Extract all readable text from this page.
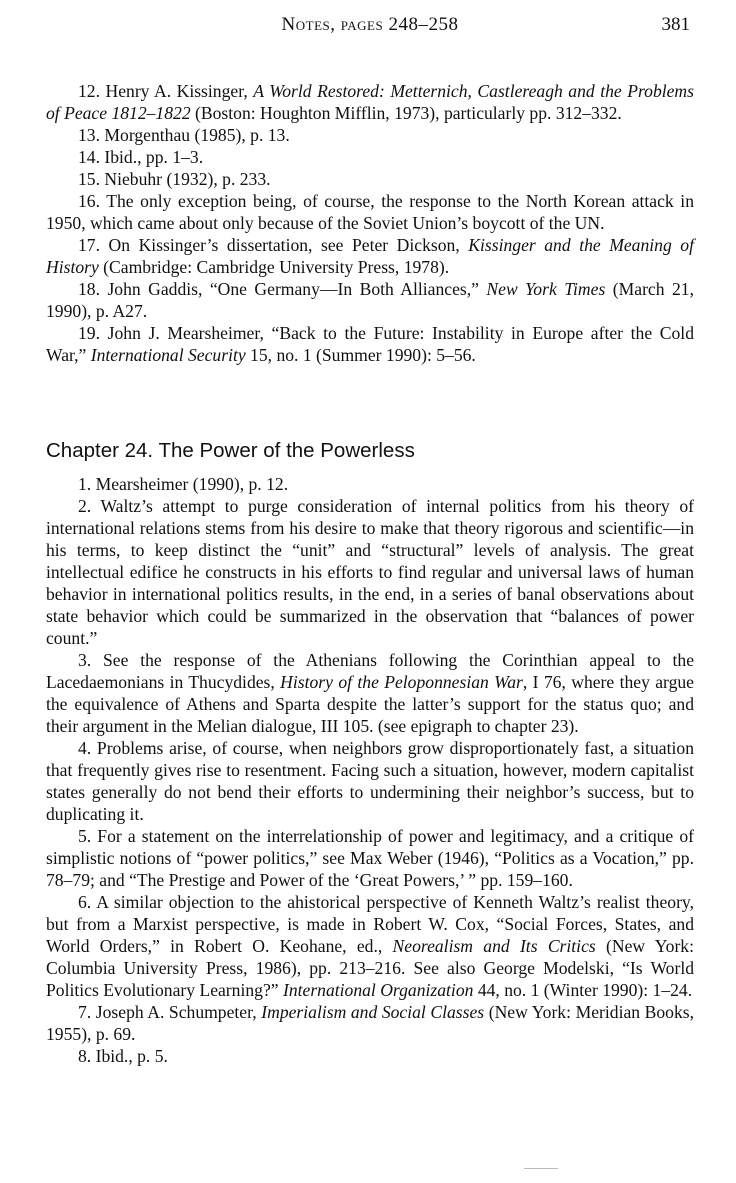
Notes, pages 248–258	381

12. Henry A. Kissinger, A World Restored: Metternich, Castlereagh and the Problems of Peace 1812–1822 (Boston: Houghton Mifflin, 1973), particularly pp. 312–332.

13. Morgenthau (1985), p. 13.

14. Ibid., pp. 1–3.

15. Niebuhr (1932), p. 233.

16. The only exception being, of course, the response to the North Korean attack in 1950, which came about only because of the Soviet Union’s boycott of the UN.

17. On Kissinger’s dissertation, see Peter Dickson, Kissinger and the Meaning of History (Cambridge: Cambridge University Press, 1978).

18. John Gaddis, “One Germany—In Both Alliances,” New York Times (March 21, 1990), p. A27.

19. John J. Mearsheimer, “Back to the Future: Instability in Europe after the Cold War,” International Security 15, no. 1 (Summer 1990): 5–56.

Chapter 24. The Power of the Powerless

1. Mearsheimer (1990), p. 12.

2. Waltz’s attempt to purge consideration of internal politics from his theory of international relations stems from his desire to make that theory rigorous and scientific—in his terms, to keep distinct the “unit” and “structural” levels of analysis. The great intellectual edifice he constructs in his efforts to find regular and universal laws of human behavior in international politics results, in the end, in a series of banal observations about state behavior which could be summarized in the observation that “balances of power count.”

3. See the response of the Athenians following the Corinthian appeal to the Lacedaemonians in Thucydides, History of the Peloponnesian War, I 76, where they argue the equivalence of Athens and Sparta despite the latter’s support for the status quo; and their argument in the Melian dialogue, III 105. (see epigraph to chapter 23).

4. Problems arise, of course, when neighbors grow disproportionately fast, a situation that frequently gives rise to resentment. Facing such a situation, however, modern capitalist states generally do not bend their efforts to undermining their neighbor’s success, but to duplicating it.

5. For a statement on the interrelationship of power and legitimacy, and a critique of simplistic notions of “power politics,” see Max Weber (1946), “Politics as a Vocation,” pp. 78–79; and “The Prestige and Power of the ‘Great Powers,’ ” pp. 159–160.

6. A similar objection to the ahistorical perspective of Kenneth Waltz’s realist theory, but from a Marxist perspective, is made in Robert W. Cox, “Social Forces, States, and World Orders,” in Robert O. Keohane, ed., Neorealism and Its Critics (New York: Columbia University Press, 1986), pp. 213–216. See also George Modelski, “Is World Politics Evolutionary Learning?” International Organization 44, no. 1 (Winter 1990): 1–24.

7. Joseph A. Schumpeter, Imperialism and Social Classes (New York: Meridian Books, 1955), p. 69.

8. Ibid., p. 5.
